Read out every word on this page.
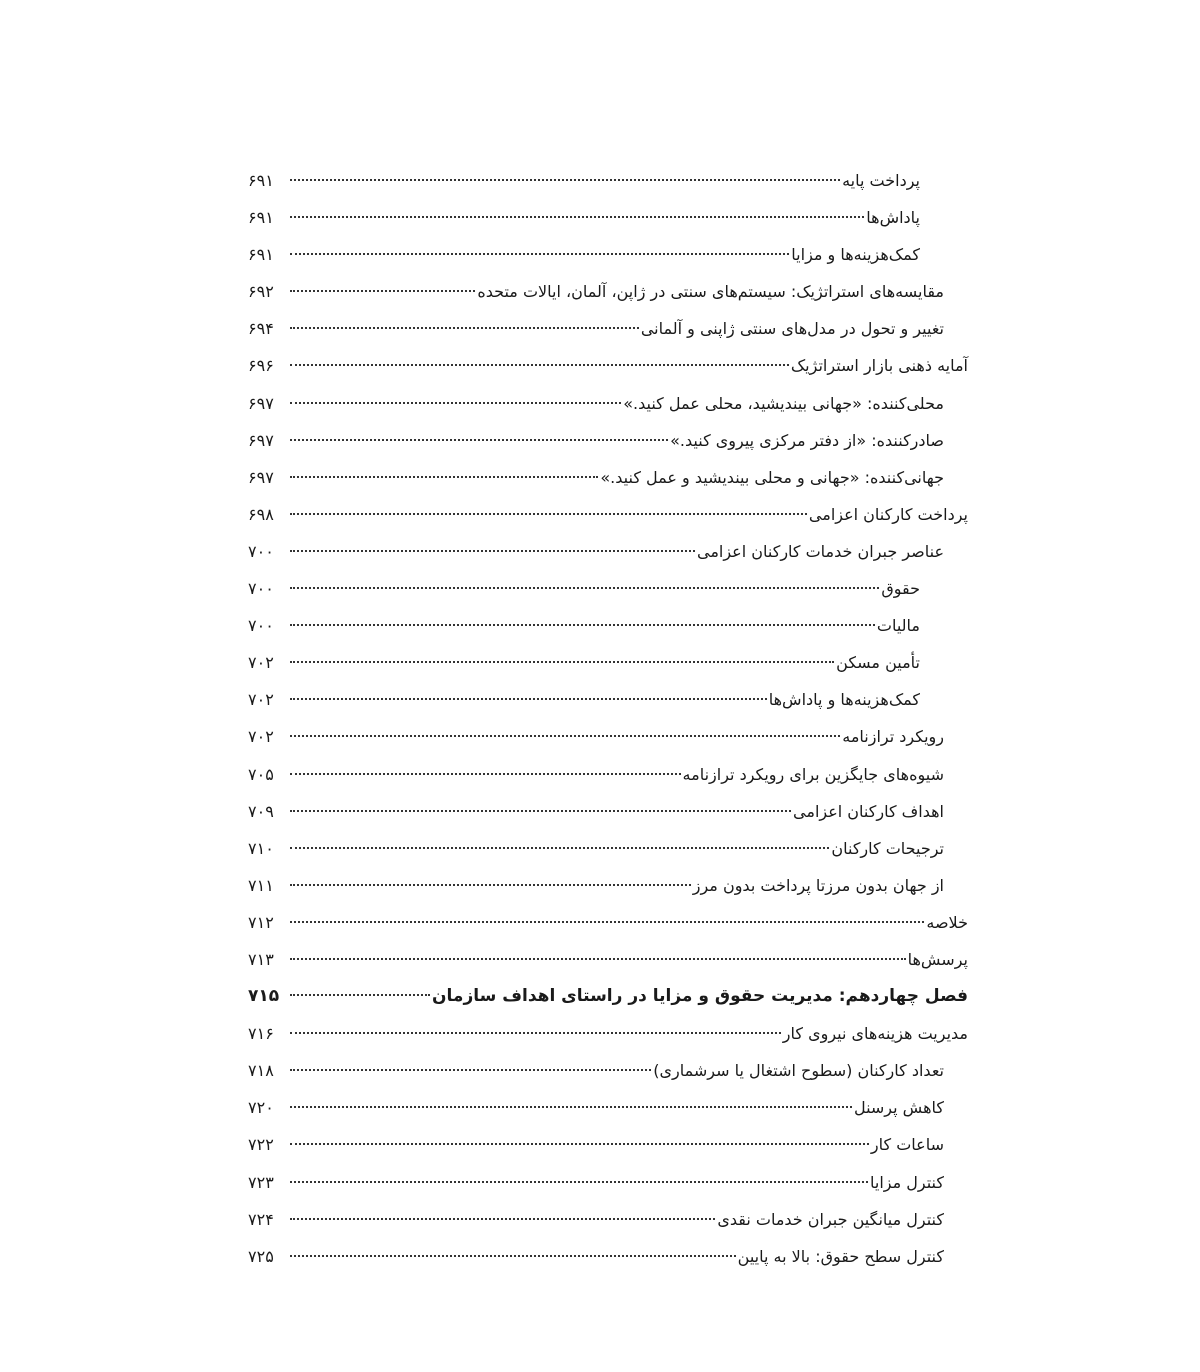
پرداخت پایه
۶۹۱
پاداش‌ها
۶۹۱
کمک‌هزینه‌ها و مزایا
۶۹۱
مقایسه‌های استراتژیک: سیستم‌های سنتی در ژاپن، آلمان، ایالات متحده
۶۹۲
تغییر و تحول در مدل‌های سنتی ژاپنی و آلمانی
۶۹۴
آمایه ذهنی بازار استراتژیک
۶۹۶
محلی‌کننده: «جهانی بیندیشید، محلی عمل کنید.»
۶۹۷
صادرکننده: «از دفتر مرکزی پیروی کنید.»
۶۹۷
جهانی‌کننده: «جهانی و محلی بیندیشید و عمل کنید.»
۶۹۷
پرداخت کارکنان اعزامی
۶۹۸
عناصر جبران خدمات کارکنان اعزامی
۷۰۰
حقوق
۷۰۰
مالیات
۷۰۰
تأمین مسکن
۷۰۲
کمک‌هزینه‌ها و پاداش‌ها
۷۰۲
رویکرد ترازنامه
۷۰۲
شیوه‌های جایگزین برای رویکرد ترازنامه
۷۰۵
اهداف کارکنان اعزامی
۷۰۹
ترجیحات کارکنان
۷۱۰
از جهان بدون مرزتا پرداخت بدون مرز
۷۱۱
خلاصه
۷۱۲
پرسش‌ها
۷۱۳
فصل چهاردهم: مدیریت حقوق و مزایا در راستای اهداف سازمان
۷۱۵
مدیریت هزینه‌های نیروی کار
۷۱۶
تعداد کارکنان (سطوح اشتغال یا سرشماری)
۷۱۸
کاهش پرسنل
۷۲۰
ساعات کار
۷۲۲
کنترل مزایا
۷۲۳
کنترل میانگین جبران خدمات نقدی
۷۲۴
کنترل سطح حقوق: بالا به پایین
۷۲۵
